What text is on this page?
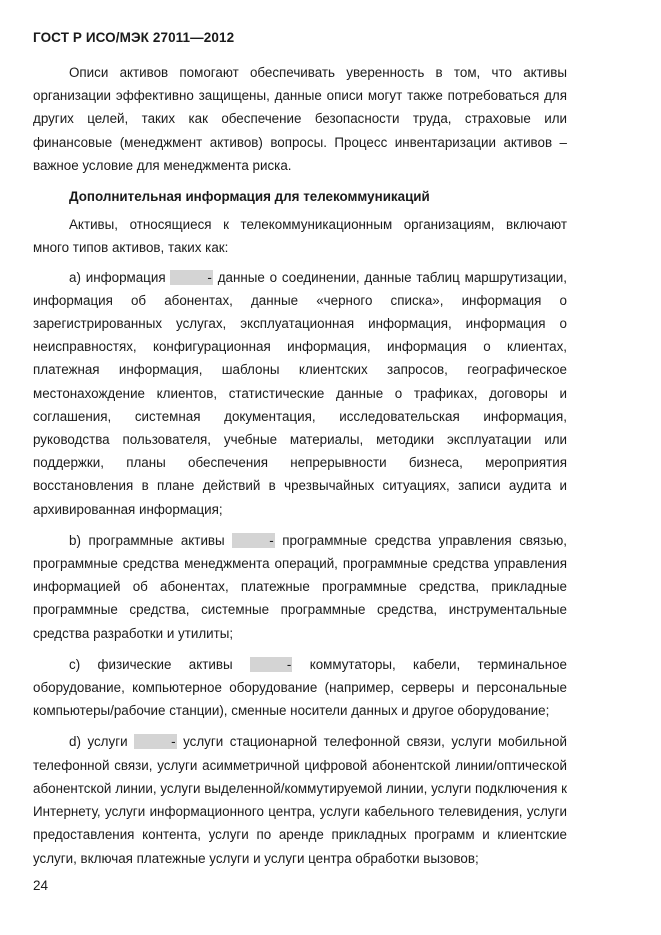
ГОСТ Р ИСО/МЭК 27011—2012

Описи активов помогают обеспечивать уверенность в том, что активы организации эффективно защищены, данные описи могут также потребоваться для других целей, таких как обеспечение безопасности труда, страховые или финансовые (менеджмент активов) вопросы. Процесс инвентаризации активов – важное условие для менеджмента риска.

Дополнительная информация для телекоммуникаций

Активы, относящиеся к телекоммуникационным организациям, включают много типов активов, таких как:

a) информация	- данные о соединении, данные таблиц маршрутизации, информация об абонентах, данные «черного списка», информация о зарегистрированных услугах, эксплуатационная информация, информация о неисправностях, конфигурационная информация, информация о клиентах, платежная информация, шаблоны клиентских запросов, географическое местонахождение клиентов, статистические данные о трафиках, договоры и соглашения, системная документация, исследовательская информация, руководства пользователя, учебные материалы, методики эксплуатации или поддержки, планы обеспечения непрерывности бизнеса, мероприятия восстановления в плане действий в чрезвычайных ситуациях, записи аудита и архивированная информация;

b) программные активы	- программные средства управления связью, программные средства менеджмента операций, программные средства управления информацией об абонентах, платежные программные средства, прикладные программные средства, системные программные средства, инструментальные средства разработки и утилиты;

c) физические активы	- коммутаторы, кабели, терминальное оборудование, компьютерное оборудование (например, серверы и персональные компьютеры/рабочие станции), сменные носители данных и другое оборудование;

d) услуги	- услуги стационарной телефонной связи, услуги мобильной телефонной связи, услуги асимметричной цифровой абонентской линии/оптической абонентской линии, услуги выделенной/коммутируемой линии, услуги подключения к Интернету, услуги информационного центра, услуги кабельного телевидения, услуги предоставления контента, услуги по аренде прикладных программ и клиентские услуги, включая платежные услуги и услуги центра обработки вызовов;

24
